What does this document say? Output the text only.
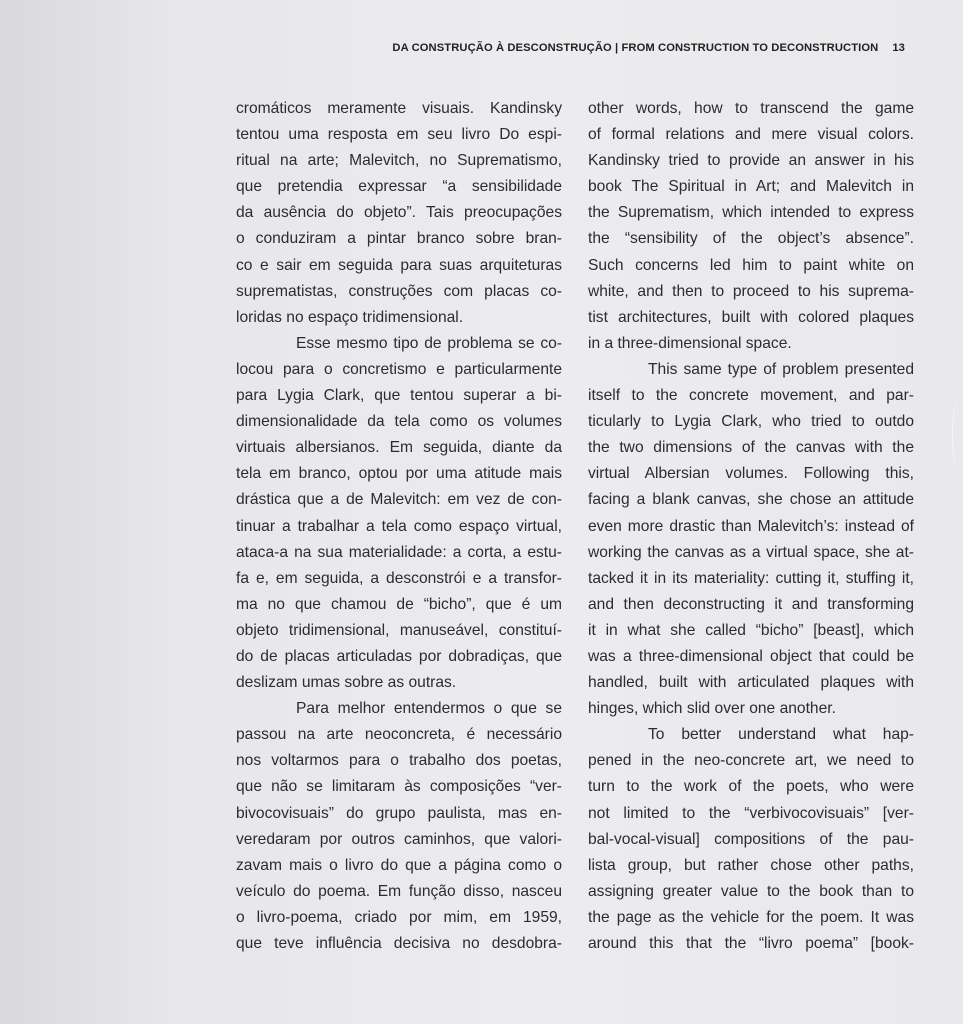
DA CONSTRUÇÃO À DESCONSTRUÇÃO | FROM CONSTRUCTION TO DECONSTRUCTION 13
cromáticos meramente visuais. Kandinsky
tentou uma resposta em seu livro Do espi-
ritual na arte; Malevitch, no Suprematismo,
que pretendia expressar “a sensibilidade
da ausência do objeto”. Tais preocupações
o conduziram a pintar branco sobre bran-
co e sair em seguida para suas arquiteturas
suprematistas, construções com placas co-
loridas no espaço tridimensional.
Esse mesmo tipo de problema se co-
locou para o concretismo e particularmente
para Lygia Clark, que tentou superar a bi-
dimensionalidade da tela como os volumes
virtuais albersianos. Em seguida, diante da
tela em branco, optou por uma atitude mais
drástica que a de Malevitch: em vez de con-
tinuar a trabalhar a tela como espaço virtual,
ataca-a na sua materialidade: a corta, a estu-
fa e, em seguida, a desconstrói e a transfor-
ma no que chamou de “bicho”, que é um
objeto tridimensional, manuseável, constituí-
do de placas articuladas por dobradiças, que
deslizam umas sobre as outras.
Para melhor entendermos o que se
passou na arte neoconcreta, é necessário
nos voltarmos para o trabalho dos poetas,
que não se limitaram às composições “ver-
bivocovisuais” do grupo paulista, mas en-
veredaram por outros caminhos, que valori-
zavam mais o livro do que a página como o
veículo do poema. Em função disso, nasceu
o livro-poema, criado por mim, em 1959,
que teve influência decisiva no desdobra-
other words, how to transcend the game
of formal relations and mere visual colors.
Kandinsky tried to provide an answer in his
book The Spiritual in Art; and Malevitch in
the Suprematism, which intended to express
the “sensibility of the object’s absence”.
Such concerns led him to paint white on
white, and then to proceed to his suprema-
tist architectures, built with colored plaques
in a three-dimensional space.
This same type of problem presented
itself to the concrete movement, and par-
ticularly to Lygia Clark, who tried to outdo
the two dimensions of the canvas with the
virtual Albersian volumes. Following this,
facing a blank canvas, she chose an attitude
even more drastic than Malevitch’s: instead of
working the canvas as a virtual space, she at-
tacked it in its materiality: cutting it, stuffing it,
and then deconstructing it and transforming
it in what she called “bicho” [beast], which
was a three-dimensional object that could be
handled, built with articulated plaques with
hinges, which slid over one another.
To better understand what hap-
pened in the neo-concrete art, we need to
turn to the work of the poets, who were
not limited to the “verbivocovisuais” [ver-
bal-vocal-visual] compositions of the pau-
lista group, but rather chose other paths,
assigning greater value to the book than to
the page as the vehicle for the poem. It was
around this that the “livro poema” [book-
